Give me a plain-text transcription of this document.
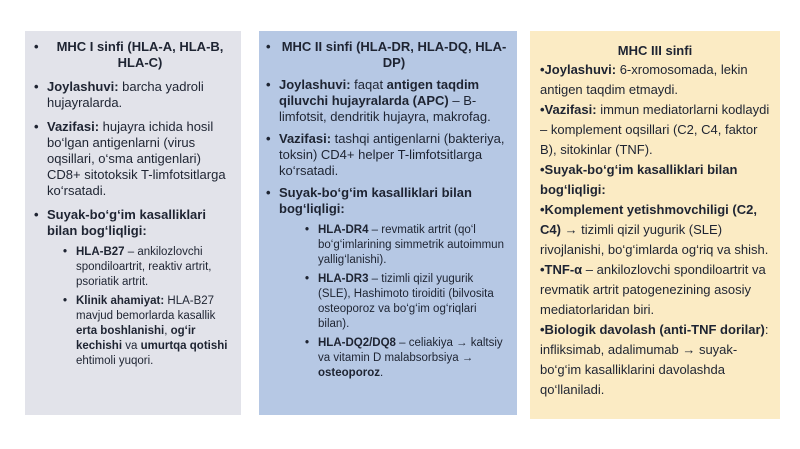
• MHC I sinfi (HLA-A, HLA-B, HLA-C)
• Joylashuvi: barcha yadroli hujayralarda.
• Vazifasi: hujayra ichida hosil bo‘lgan antigenlarni (virus oqsillari, o‘sma antigenlari) CD8+ sitotoksik T-limfotsitlarga ko‘rsatadi.
• Suyak-bo‘g‘im kasalliklari bilan bog‘liqligi:
• HLA-B27 – ankilozlovchi spondiloartrit, reaktiv artrit, psoriatik artrit.
• Klinik ahamiyat: HLA-B27 mavjud bemorlarda kasallik erta boshlanishi, og‘ir kechishi va umurtqa qotishi ehtimoli yuqori.
• MHC II sinfi (HLA-DR, HLA-DQ, HLA-DP)
• Joylashuvi: faqat antigen taqdim qiluvchi hujayralarda (APC) – B-limfotsit, dendritik hujayra, makrofag.
• Vazifasi: tashqi antigenlarni (bakteriya, toksin) CD4+ helper T-limfotsitlarga ko‘rsatadi.
• Suyak-bo‘g‘im kasalliklari bilan bog‘liqligi:
• HLA-DR4 – revmatik artrit (qo‘l bo‘g‘imlarining simmetrik autoimmun yallig‘lanishi).
• HLA-DR3 – tizimli qizil yugurik (SLE), Hashimoto tiroiditi (bilvosita osteoporoz va bo‘g‘im og‘riqlari bilan).
• HLA-DQ2/DQ8 – celiakiya → kaltsiy va vitamin D malabsorbsiya → osteoporoz.
MHC III sinfi
•Joylashuvi: 6-xromosomada, lekin antigen taqdim etmaydi.
•Vazifasi: immun mediatorlarni kodlaydi – komplement oqsillari (C2, C4, faktor B), sitokinlar (TNF).
•Suyak-bo‘g‘im kasalliklari bilan bog‘liqligi:
•Komplement yetishmovchiligi (C2, C4) → tizimli qizil yugurik (SLE) rivojlanishi, bo‘g‘imlarda og‘riq va shish.
•TNF-α – ankilozlovchi spondiloartrit va revmatik artrit patogenezining asosiy mediatorlaridan biri.
•Biologik davolash (anti-TNF dorilar): infliksimab, adalimumab → suyak-bo‘g‘im kasalliklarini davolashda qo‘llaniladi.
